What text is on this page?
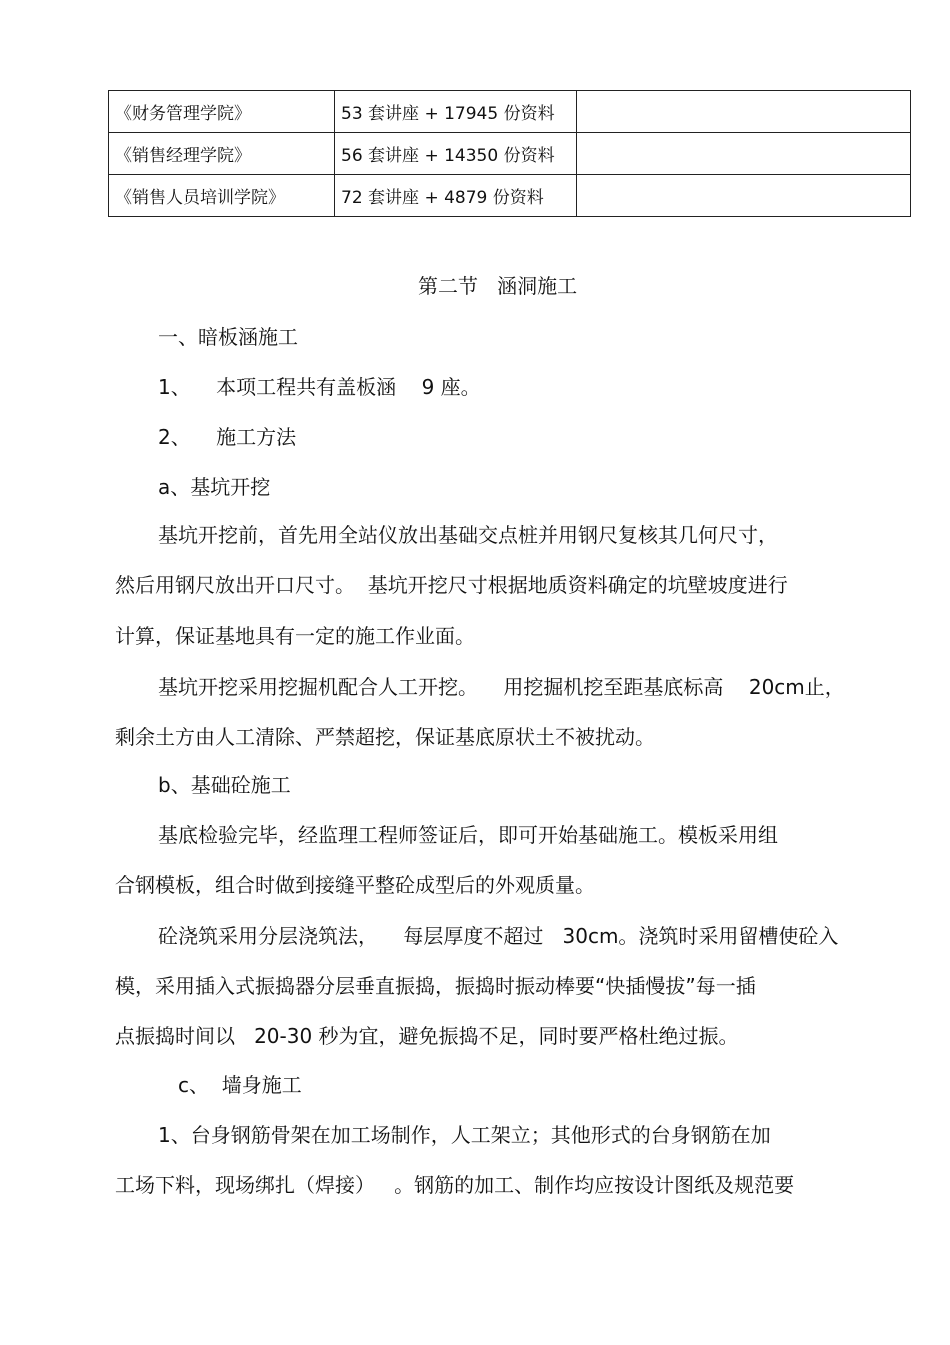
《财务管理学院》	53 套讲座 + 17945 份资料	
《销售经理学院》	56 套讲座 + 14350 份资料	
《销售人员培训学院》	72 套讲座 + 4879 份资料	
第二节   涵洞施工
一、暗板涵施工
1、    本项工程共有盖板涵    9 座。
2、    施工方法
a、基坑开挖
基坑开挖前，首先用全站仪放出基础交点桩并用钢尺复核其几何尺寸，
然后用钢尺放出开口尺寸。  基坑开挖尺寸根据地质资料确定的坑壁坡度进行
计算，保证基地具有一定的施工作业面。
基坑开挖采用挖掘机配合人工开挖。    用挖掘机挖至距基底标高    20cm止，
剩余土方由人工清除、严禁超挖，保证基底原状土不被扰动。
b、基础砼施工
基底检验完毕，经监理工程师签证后，即可开始基础施工。模板采用组
合钢模板，组合时做到接缝平整砼成型后的外观质量。
砼浇筑采用分层浇筑法，    每层厚度不超过   30cm。浇筑时采用留槽使砼入
模，采用插入式振捣器分层垂直振捣，振捣时振动棒要“快插慢拔”每一插
点振捣时间以   20-30 秒为宜，避免振捣不足，同时要严格杜绝过振。
c、  墙身施工
1、台身钢筋骨架在加工场制作，人工架立；其他形式的台身钢筋在加
工场下料，现场绑扎（焊接）   。钢筋的加工、制作均应按设计图纸及规范要
